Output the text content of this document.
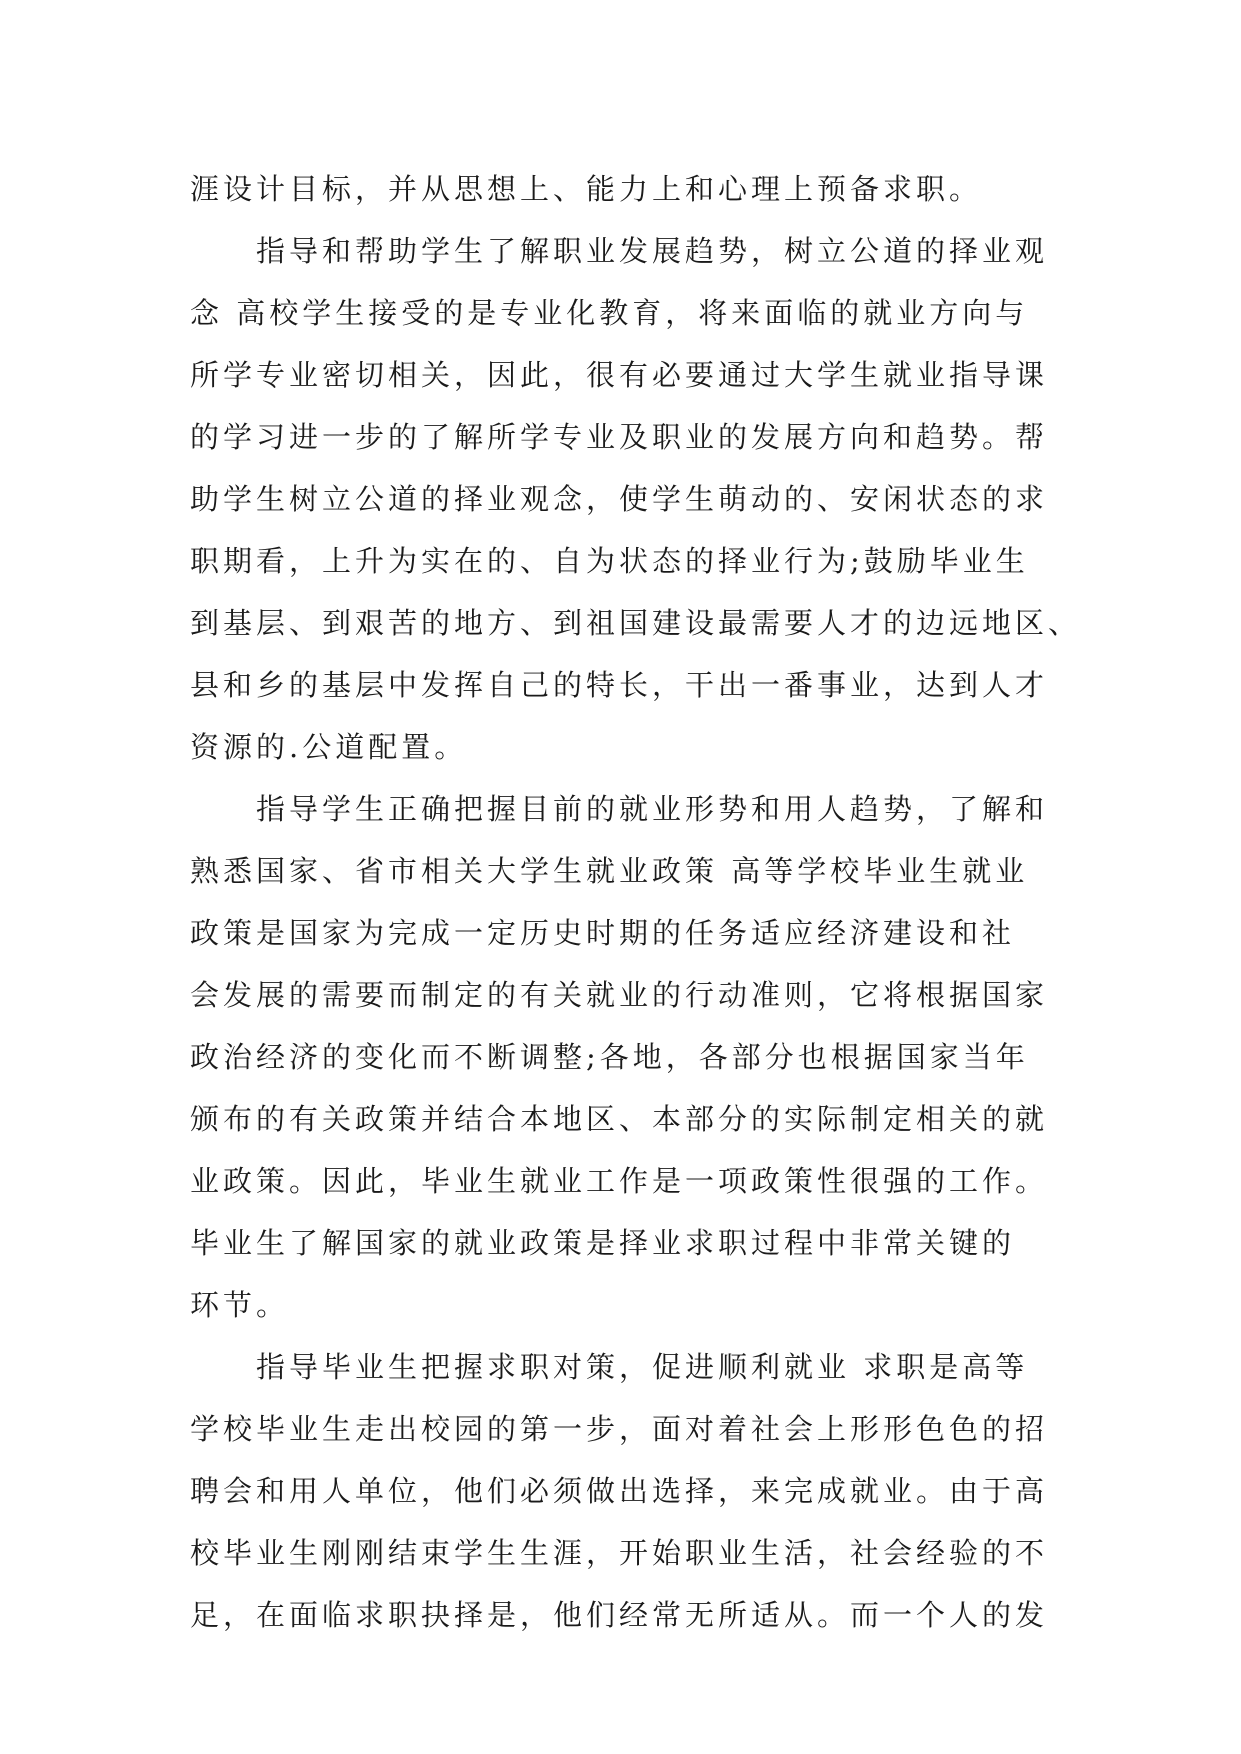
涯设计目标，并从思想上、能力上和心理上预备求职。
　　指导和帮助学生了解职业发展趋势，树立公道的择业观
念 高校学生接受的是专业化教育，将来面临的就业方向与
所学专业密切相关，因此，很有必要通过大学生就业指导课
的学习进一步的了解所学专业及职业的发展方向和趋势。帮
助学生树立公道的择业观念，使学生萌动的、安闲状态的求
职期看，上升为实在的、自为状态的择业行为;鼓励毕业生
到基层、到艰苦的地方、到祖国建设最需要人才的边远地区、
县和乡的基层中发挥自己的特长，干出一番事业，达到人才
资源的.公道配置。
　　指导学生正确把握目前的就业形势和用人趋势，了解和
熟悉国家、省市相关大学生就业政策 高等学校毕业生就业
政策是国家为完成一定历史时期的任务适应经济建设和社
会发展的需要而制定的有关就业的行动准则，它将根据国家
政治经济的变化而不断调整;各地，各部分也根据国家当年
颁布的有关政策并结合本地区、本部分的实际制定相关的就
业政策。因此，毕业生就业工作是一项政策性很强的工作。
毕业生了解国家的就业政策是择业求职过程中非常关键的
环节。
　　指导毕业生把握求职对策，促进顺利就业 求职是高等
学校毕业生走出校园的第一步，面对着社会上形形色色的招
聘会和用人单位，他们必须做出选择，来完成就业。由于高
校毕业生刚刚结束学生生涯，开始职业生活，社会经验的不
足，在面临求职抉择是，他们经常无所适从。而一个人的发
